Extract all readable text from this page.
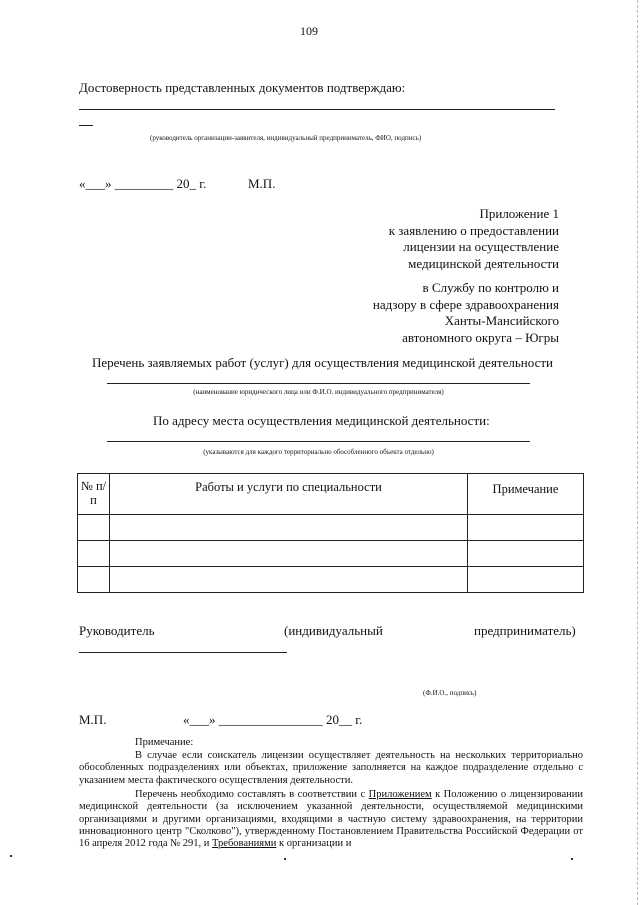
109
Достоверность представленных документов подтверждаю:
(руководитель организации-заявителя, индивидуальный предприниматель, ФИО, подпись)
«___» _________ 20_ г.	М.П.
Приложение 1
к заявлению о предоставлении
лицензии на осуществление
медицинской деятельности
в Службу по контролю и
надзору в сфере здравоохранения
Ханты-Мансийского
автономного округа – Югры
Перечень заявляемых работ (услуг) для осуществления медицинской деятельности
(наименование юридического лица или Ф.И.О. индивидуального предпринимателя)
По адресу места осуществления медицинской деятельности:
(указываются для каждого территориально обособленного объекта отдельно)
№ п/п	Работы и услуги по специальности	Примечание

Руководитель	(индивидуальный	предприниматель)
(Ф.И.О., подпись)
М.П.	«___» ________________ 20__ г.
Примечание:
В случае если соискатель лицензии осуществляет деятельность на нескольких территориально обособленных подразделениях или объектах, приложение заполняется на каждое подразделение отдельно с указанием места фактического осуществления деятельности.
Перечень необходимо составлять в соответствии с Приложением к Положению о лицензировании медицинской деятельности (за исключением указанной деятельности, осуществляемой медицинскими организациями и другими организациями, входящими в частную систему здравоохранения, на территории инновационного центр "Сколково"), утвержденному Постановлением Правительства Российской Федерации от 16 апреля 2012 года № 291, и Требованиями к организации и
